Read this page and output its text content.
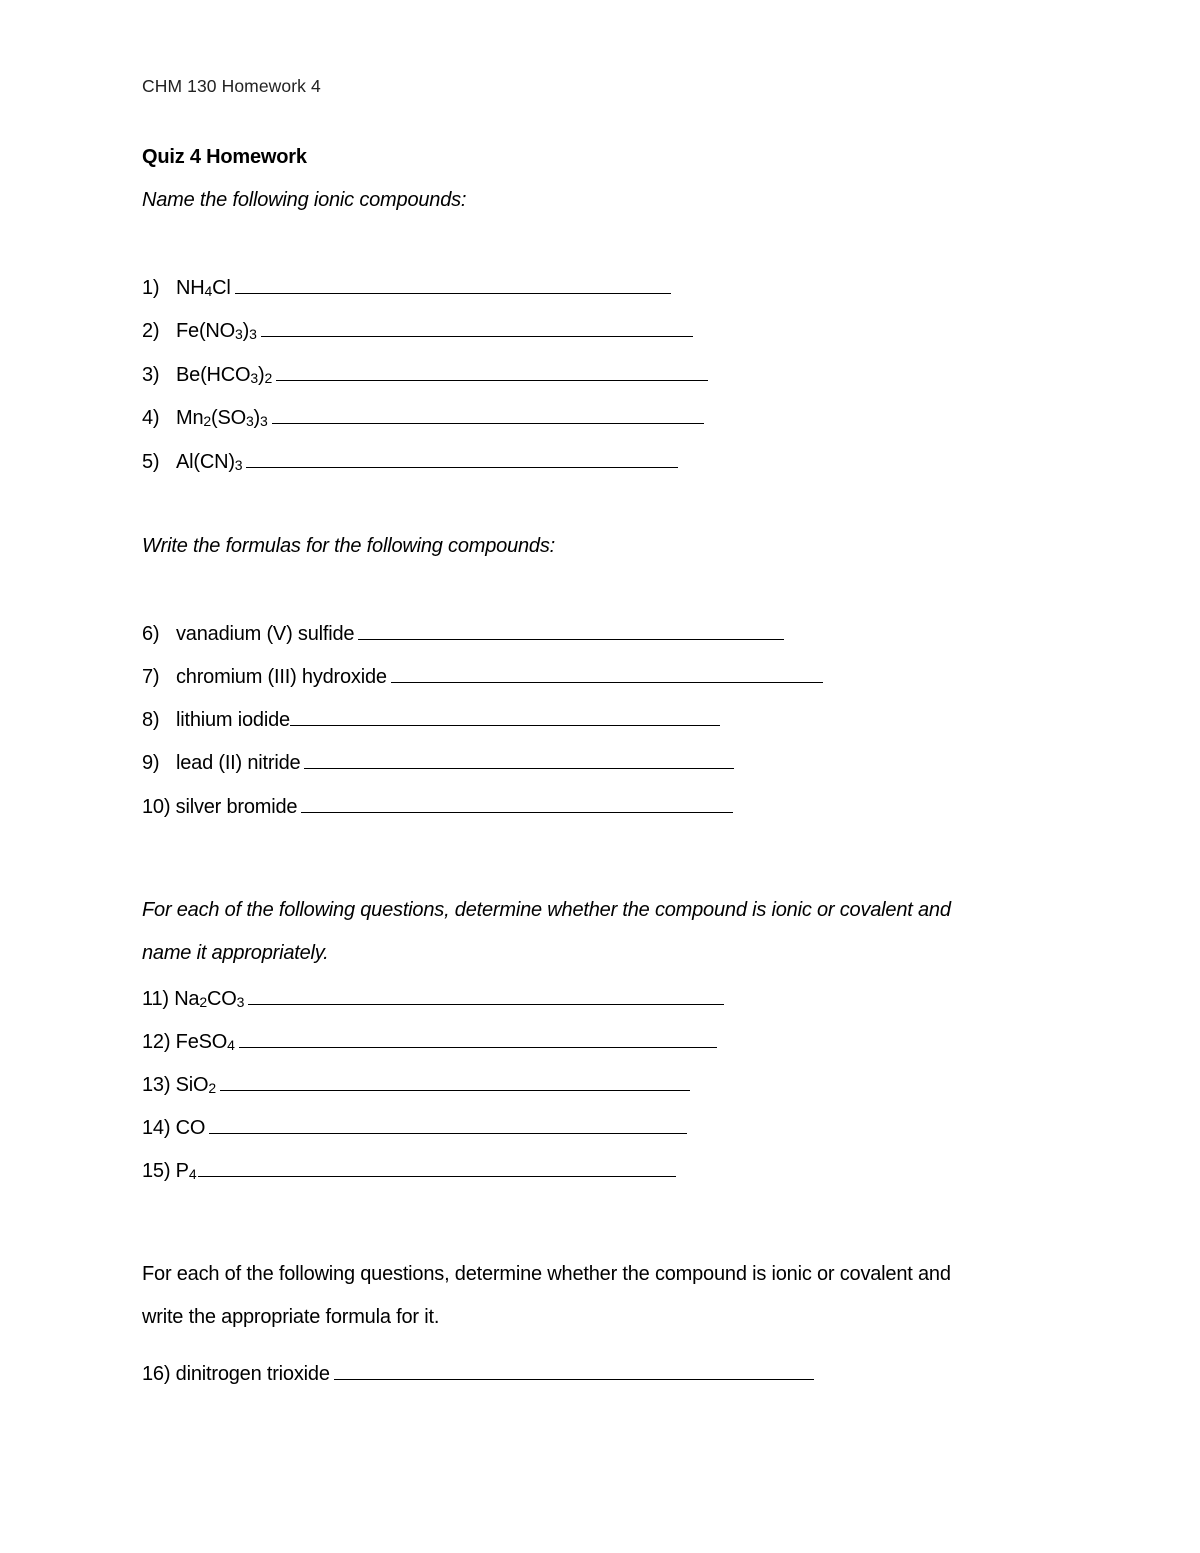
CHM 130 Homework 4
Quiz 4 Homework
Name the following ionic compounds:
1) $NH_4Cl$
2) $Fe(NO_3)_3$
3) $Be(HCO_3)_2$
4) $Mn_2(SO_3)_3$
5) $Al(CN)_3$
Write the formulas for the following compounds:
6) vanadium (V) sulfide
7) chromium (III) hydroxide
8) lithium iodide
9) lead (II) nitride
10) silver bromide
For each of the following questions, determine whether the compound is ionic or covalent and
name it appropriately.
11) $Na_2CO_3$
12) FeSO$_4$
13) SiO$_2$
14) CO
15) $P_4$
For each of the following questions, determine whether the compound is ionic or covalent and
write the appropriate formula for it.
16) dinitrogen trioxide
